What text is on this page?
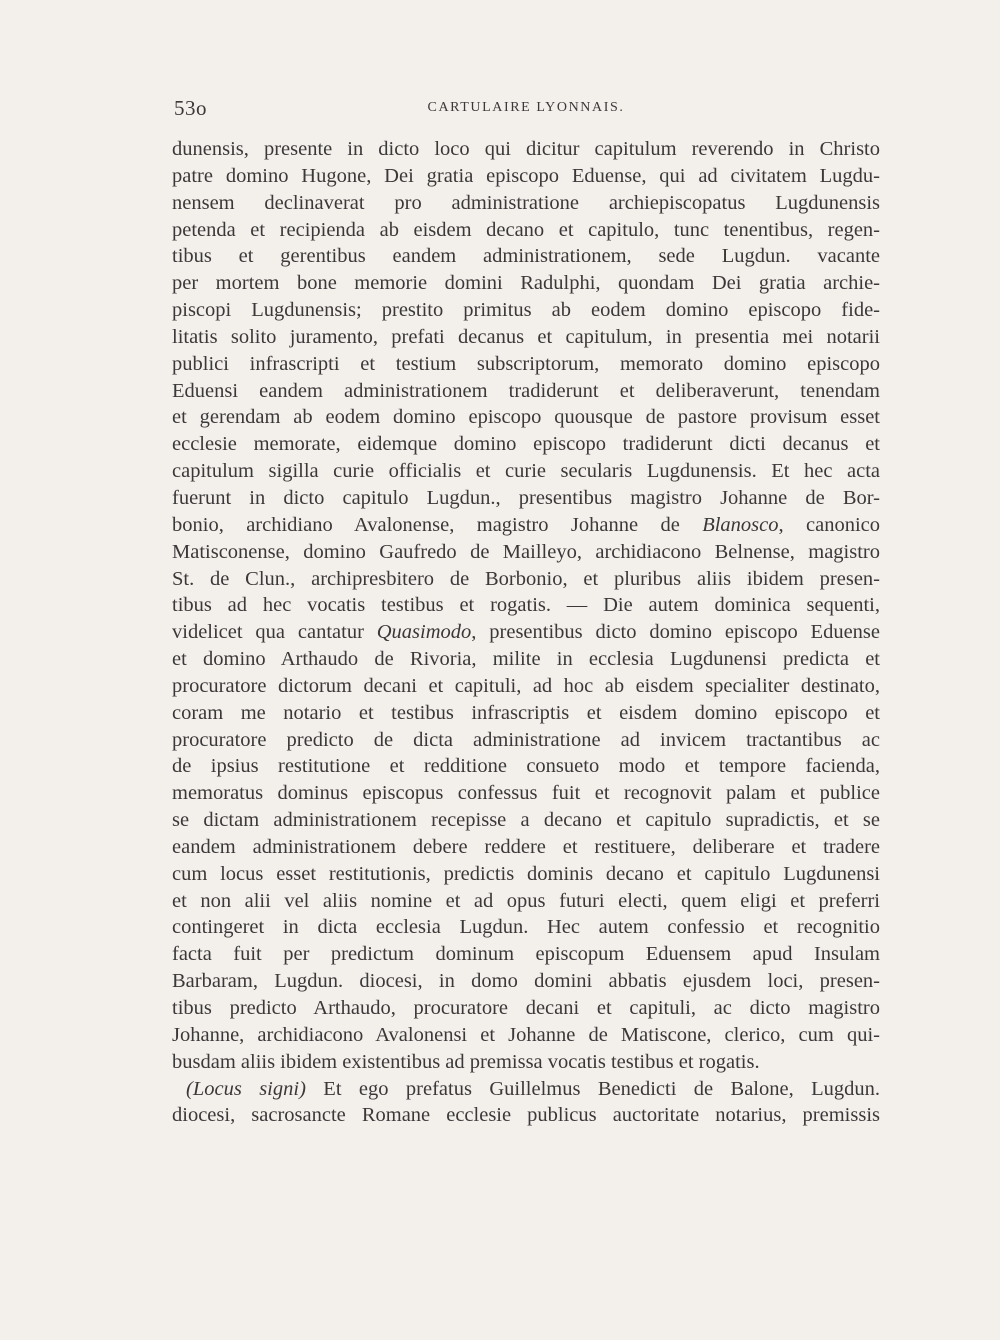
53o	CARTULAIRE LYONNAIS.
dunensis, presente in dicto loco qui dicitur capitulum reverendo in Christo
patre domino Hugone, Dei gratia episcopo Eduense, qui ad civitatem Lugdu-
nensem declinaverat pro administratione archiepiscopatus Lugdunensis
petenda et recipienda ab eisdem decano et capitulo, tunc tenentibus, regen-
tibus et gerentibus eandem administrationem, sede Lugdun. vacante
per mortem bone memorie domini Radulphi, quondam Dei gratia archie-
piscopi Lugdunensis; prestito primitus ab eodem domino episcopo fide-
litatis solito juramento, prefati decanus et capitulum, in presentia mei notarii
publici infrascripti et testium subscriptorum, memorato domino episcopo
Eduensi eandem administrationem tradiderunt et deliberaverunt, tenendam
et gerendam ab eodem domino episcopo quousque de pastore provisum esset
ecclesie memorate, eidemque domino episcopo tradiderunt dicti decanus et
capitulum sigilla curie officialis et curie secularis Lugdunensis. Et hec acta
fuerunt in dicto capitulo Lugdun., presentibus magistro Johanne de Bor-
bonio, archidiano Avalonense, magistro Johanne de Blanosco, canonico
Matisconense, domino Gaufredo de Mailleyo, archidiacono Belnense, magistro
St. de Clun., archipresbitero de Borbonio, et pluribus aliis ibidem presen-
tibus ad hec vocatis testibus et rogatis. — Die autem dominica sequenti,
videlicet qua cantatur Quasimodo, presentibus dicto domino episcopo Eduense
et domino Arthaudo de Rivoria, milite in ecclesia Lugdunensi predicta et
procuratore dictorum decani et capituli, ad hoc ab eisdem specialiter destinato,
coram me notario et testibus infrascriptis et eisdem domino episcopo et
procuratore predicto de dicta administratione ad invicem tractantibus ac
de ipsius restitutione et redditione consueto modo et tempore facienda,
memoratus dominus episcopus confessus fuit et recognovit palam et publice
se dictam administrationem recepisse a decano et capitulo supradictis, et se
eandem administrationem debere reddere et restituere, deliberare et tradere
cum locus esset restitutionis, predictis dominis decano et capitulo Lugdunensi
et non alii vel aliis nomine et ad opus futuri electi, quem eligi et preferri
contingeret in dicta ecclesia Lugdun. Hec autem confessio et recognitio
facta fuit per predictum dominum episcopum Eduensem apud Insulam
Barbaram, Lugdun. diocesi, in domo domini abbatis ejusdem loci, presen-
tibus predicto Arthaudo, procuratore decani et capituli, ac dicto magistro
Johanne, archidiacono Avalonensi et Johanne de Matiscone, clerico, cum qui-
busdam aliis ibidem existentibus ad premissa vocatis testibus et rogatis.
(Locus signi) Et ego prefatus Guillelmus Benedicti de Balone, Lugdun.
diocesi, sacrosancte Romane ecclesie publicus auctoritate notarius, premissis
